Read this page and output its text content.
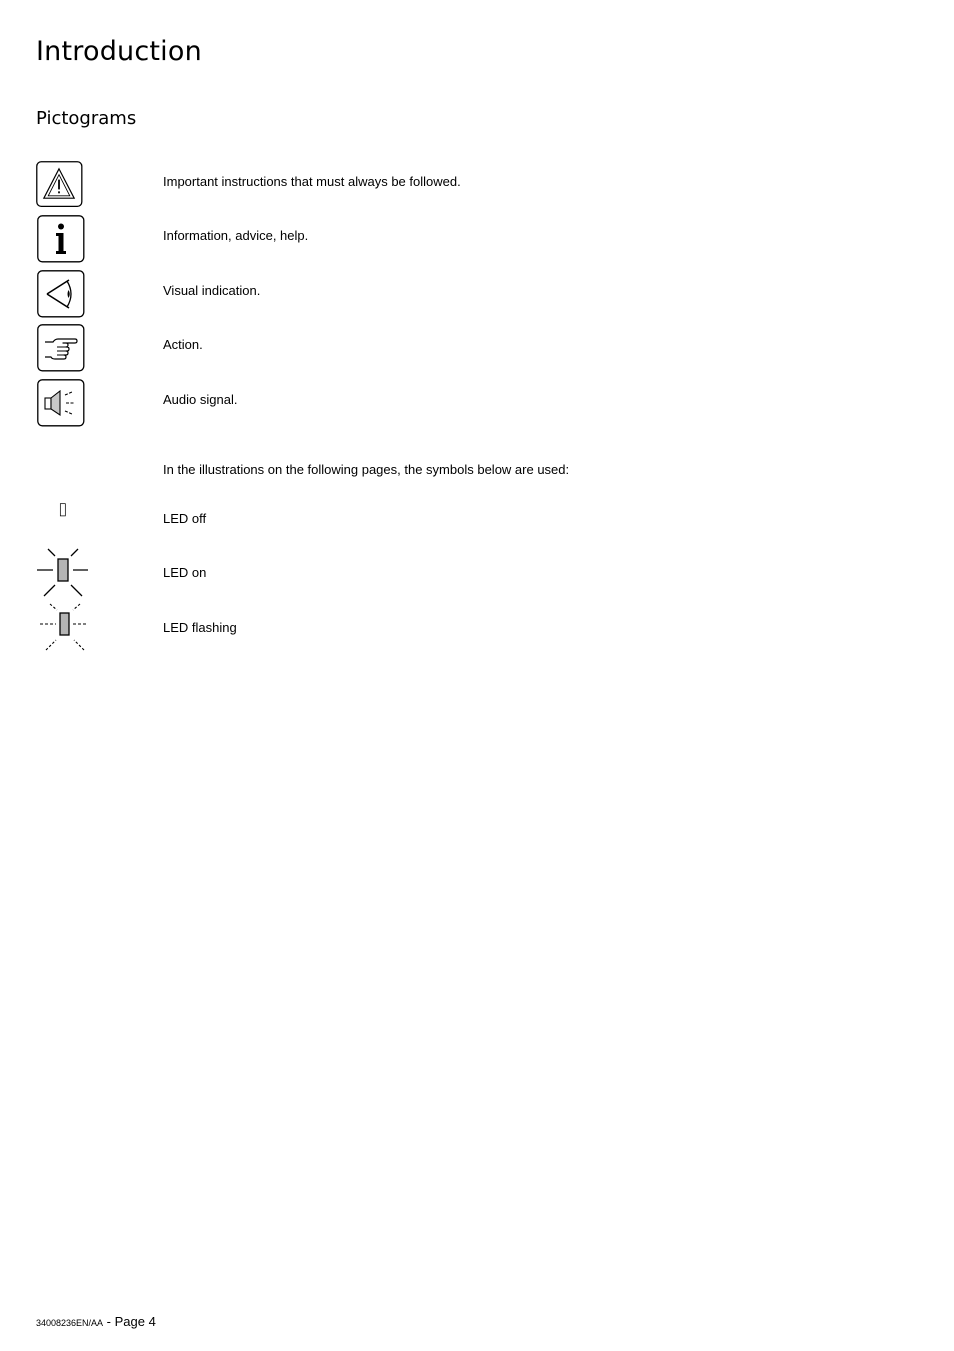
Introduction
Pictograms
Important instructions that must always be followed.
Information, advice, help.
Visual indication.
Action.
Audio signal.
In the illustrations on the following pages, the symbols below are used:
LED off
LED on
LED flashing
34008236EN/AA - Page 4
